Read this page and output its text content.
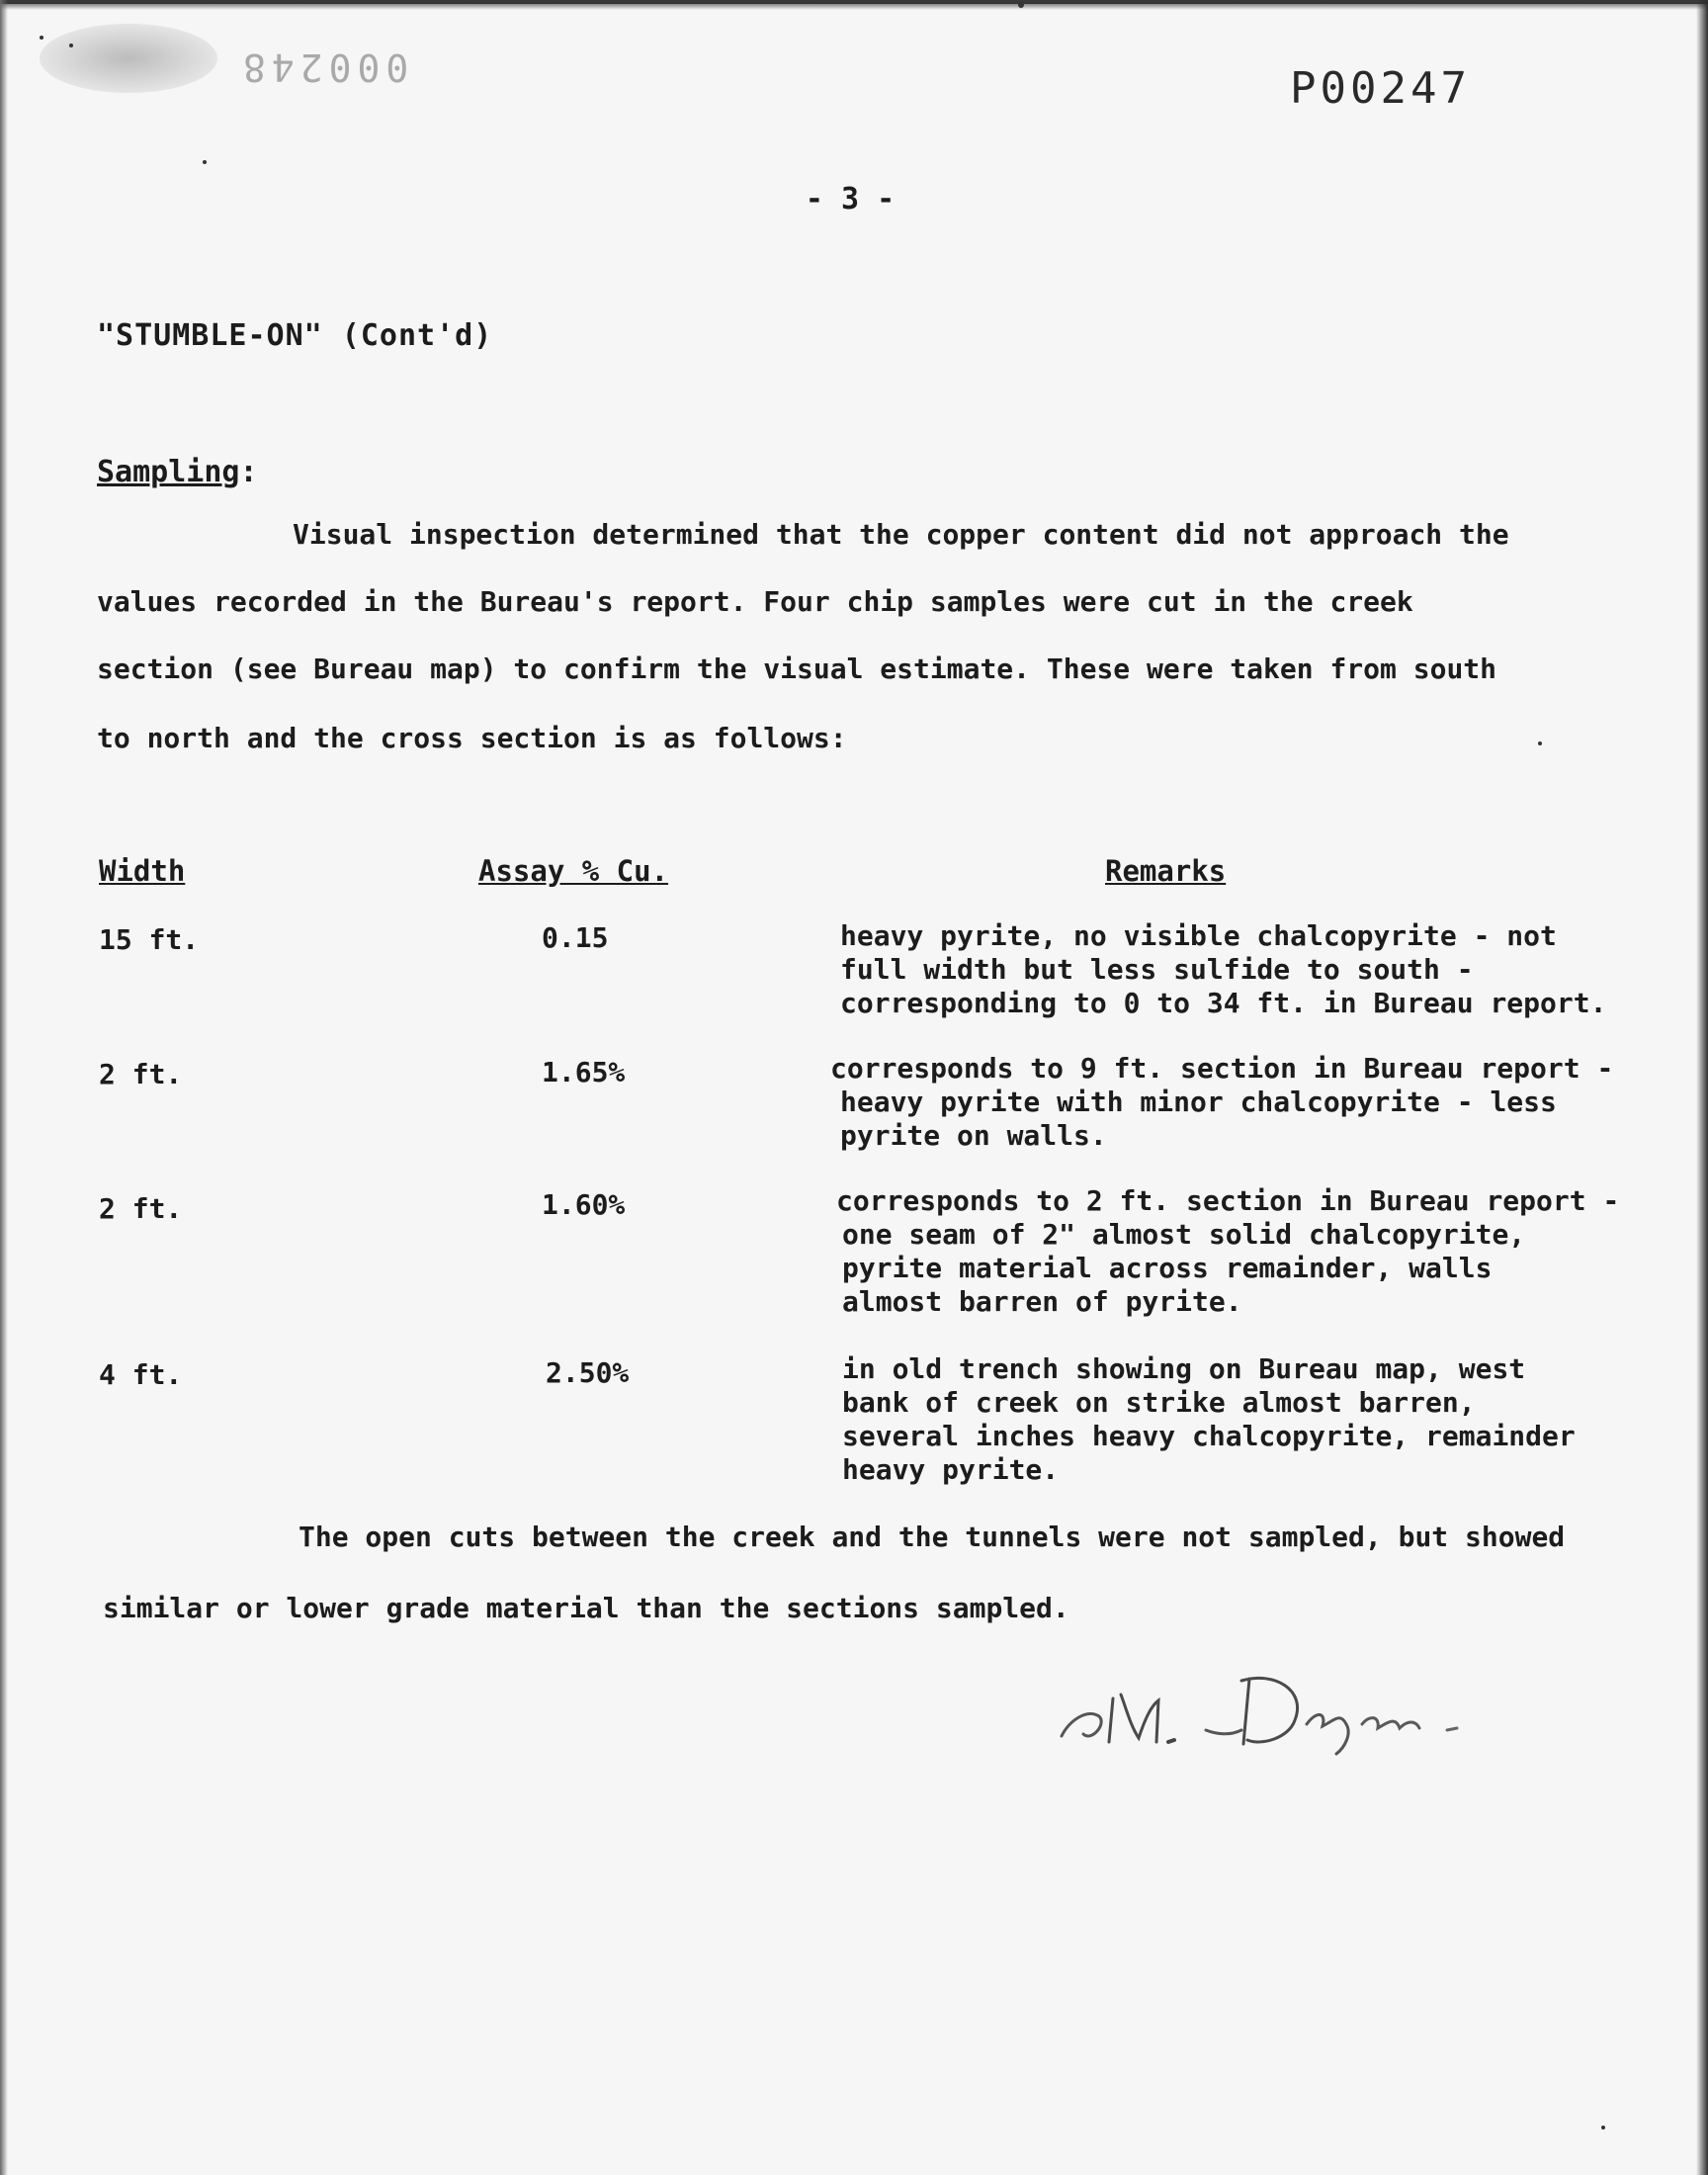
000248	P00247
- 3 -
"STUMBLE-ON" (Cont'd)
Sampling:
Visual inspection determined that the copper content did not approach the
values recorded in the Bureau's report. Four chip samples were cut in the creek
section (see Bureau map) to confirm the visual estimate. These were taken from south
to north and the cross section is as follows:
Width	Assay % Cu.	Remarks
15 ft.	0.15	heavy pyrite, no visible chalcopyrite - not
full width but less sulfide to south -
corresponding to 0 to 34 ft. in Bureau report.
2 ft.	1.65%	corresponds to 9 ft. section in Bureau report -
heavy pyrite with minor chalcopyrite - less
pyrite on walls.
2 ft.	1.60%	corresponds to 2 ft. section in Bureau report -
one seam of 2" almost solid chalcopyrite,
pyrite material across remainder, walls
almost barren of pyrite.
4 ft.	2.50%	in old trench showing on Bureau map, west
bank of creek on strike almost barren,
several inches heavy chalcopyrite, remainder
heavy pyrite.
The open cuts between the creek and the tunnels were not sampled, but showed
similar or lower grade material than the sections sampled.
